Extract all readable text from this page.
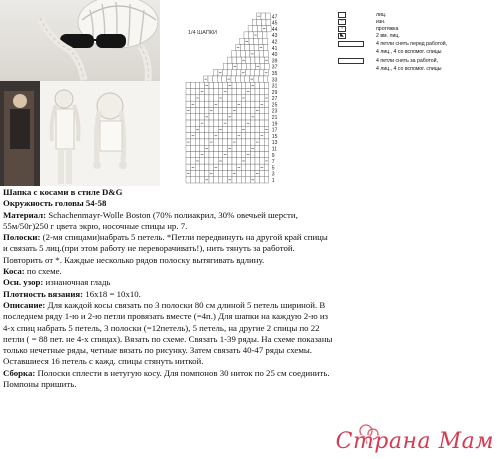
1/4 ШАПКИ
47
45
44
43
42
41
40
39
37
35
33
31
29
27
25
23
21
19
17
15
13
11
9
7
5
3
1
лиц.
–	изн.
×	протяжка
◣	2 вм. лиц.
4 петли снять перед работой,
4 лиц., 4 со вспомог. спицы
4 петли снять за работой,
4 лиц., 4 со вспомог. спицы

Шапка с косами в стиле D&G

Окружность головы 54-58

Материал: Schachenmayr-Wolle Boston (70% полиакрил, 30% овечьей шерсти,

55м/50г)250 г цвета экрю, носочные спицы нр. 7.

Полоски: (2-мя спицами)набрать 5 петель. *Петли передвинуть на другой край спицы

и связать 5 лиц.(при этом работу не переворачивать!), нить тянуть за работой.

Повторить от *. Каждые несколько рядов полоску вытягивать вдлину.

Коса: по схеме.

Осн. узор: изнаночная гладь

Плотность вязания: 16х18 = 10х10.

Описание: Для каждой косы связать по 3 полоски 80 см длиной 5 петель шириной. В

последнем ряду 1-ю и 2-ю петли провязать вместе (=4п.) Для шапки на каждую 2-ю из

4-х спиц набрать 5 петель, 3 полоски (=12петель), 5 петель, на другие 2 спицы по 22

петли ( = 88 пет. не 4-х спицах). Вязать по схеме. Связать 1-39 ряды. На схеме показаны

только нечетные ряды, четные вязать по рисунку. Затем связать 40-47 ряды схемы.

Оставшиеся 16 петель с кажд. спицы стянуть ниткой.

Сборка: Полоски сплести в нетугую косу. Для помпонов 30 ниток по 25 см соединить.

Помпоны пришить.

Страна Мам
